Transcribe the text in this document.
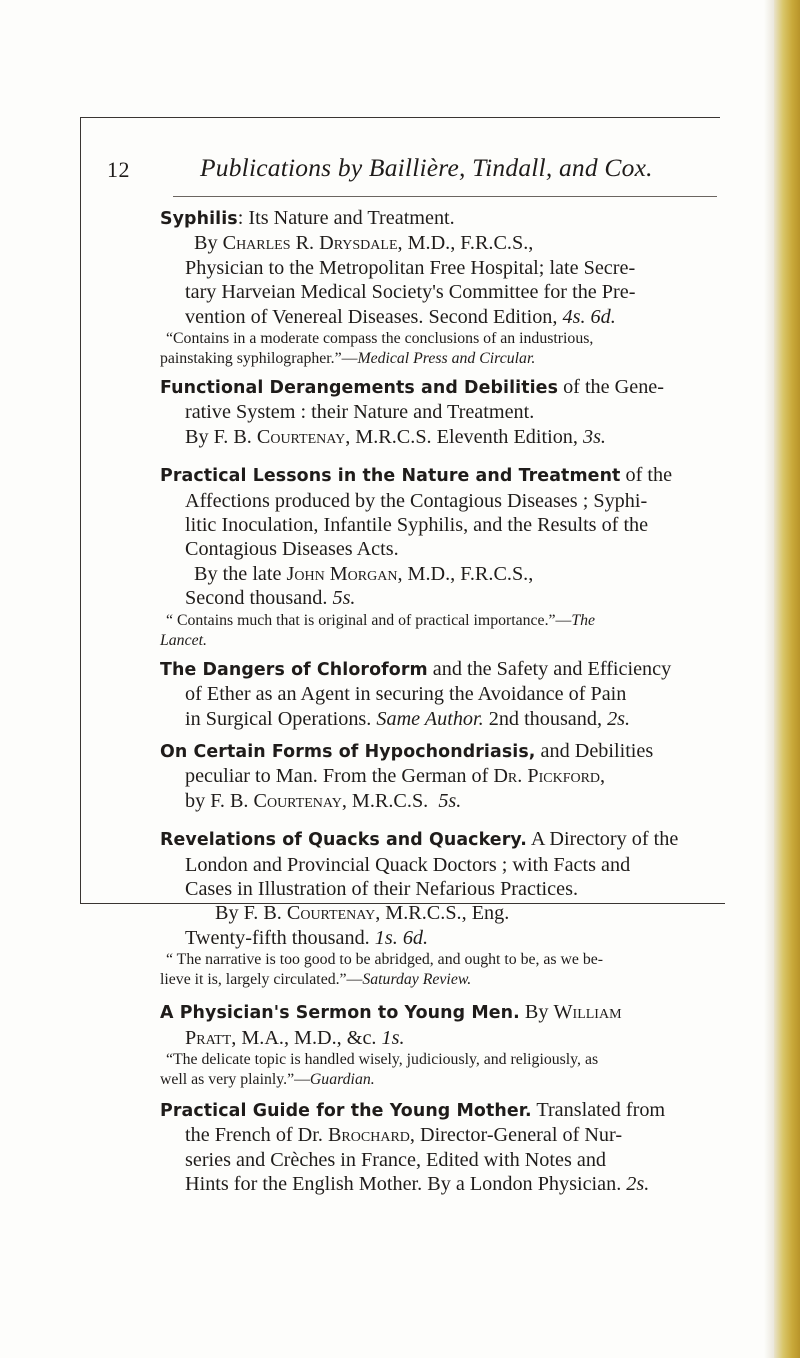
12	Publications by Baillière, Tindall, and Cox.
Syphilis: Its Nature and Treatment.
By Charles R. Drysdale, M.D., F.R.C.S.,
Physician to the Metropolitan Free Hospital; late Secre-
tary Harveian Medical Society's Committee for the Pre-
vention of Venereal Diseases. Second Edition, 4s. 6d.
“Contains in a moderate compass the conclusions of an industrious,
painstaking syphilographer.”—Medical Press and Circular.
Functional Derangements and Debilities of the Gene-
rative System : their Nature and Treatment.
By F. B. Courtenay, M.R.C.S. Eleventh Edition, 3s.
Practical Lessons in the Nature and Treatment of the
Affections produced by the Contagious Diseases ; Syphi-
litic Inoculation, Infantile Syphilis, and the Results of the
Contagious Diseases Acts.
By the late John Morgan, M.D., F.R.C.S.,
Second thousand. 5s.
“ Contains much that is original and of practical importance.”—The
Lancet.
The Dangers of Chloroform and the Safety and Efficiency
of Ether as an Agent in securing the Avoidance of Pain
in Surgical Operations. Same Author. 2nd thousand, 2s.
On Certain Forms of Hypochondriasis, and Debilities
peculiar to Man. From the German of Dr. Pickford,
by F. B. Courtenay, M.R.C.S. 5s.
Revelations of Quacks and Quackery. A Directory of the
London and Provincial Quack Doctors ; with Facts and
Cases in Illustration of their Nefarious Practices.
By F. B. Courtenay, M.R.C.S., Eng.
Twenty-fifth thousand. 1s. 6d.
“ The narrative is too good to be abridged, and ought to be, as we be-
lieve it is, largely circulated.”—Saturday Review.
A Physician's Sermon to Young Men. By William
Pratt, M.A., M.D., &c. 1s.
“The delicate topic is handled wisely, judiciously, and religiously, as
well as very plainly.”—Guardian.
Practical Guide for the Young Mother. Translated from
the French of Dr. Brochard, Director-General of Nur-
series and Crèches in France, Edited with Notes and
Hints for the English Mother. By a London Physician. 2s.
